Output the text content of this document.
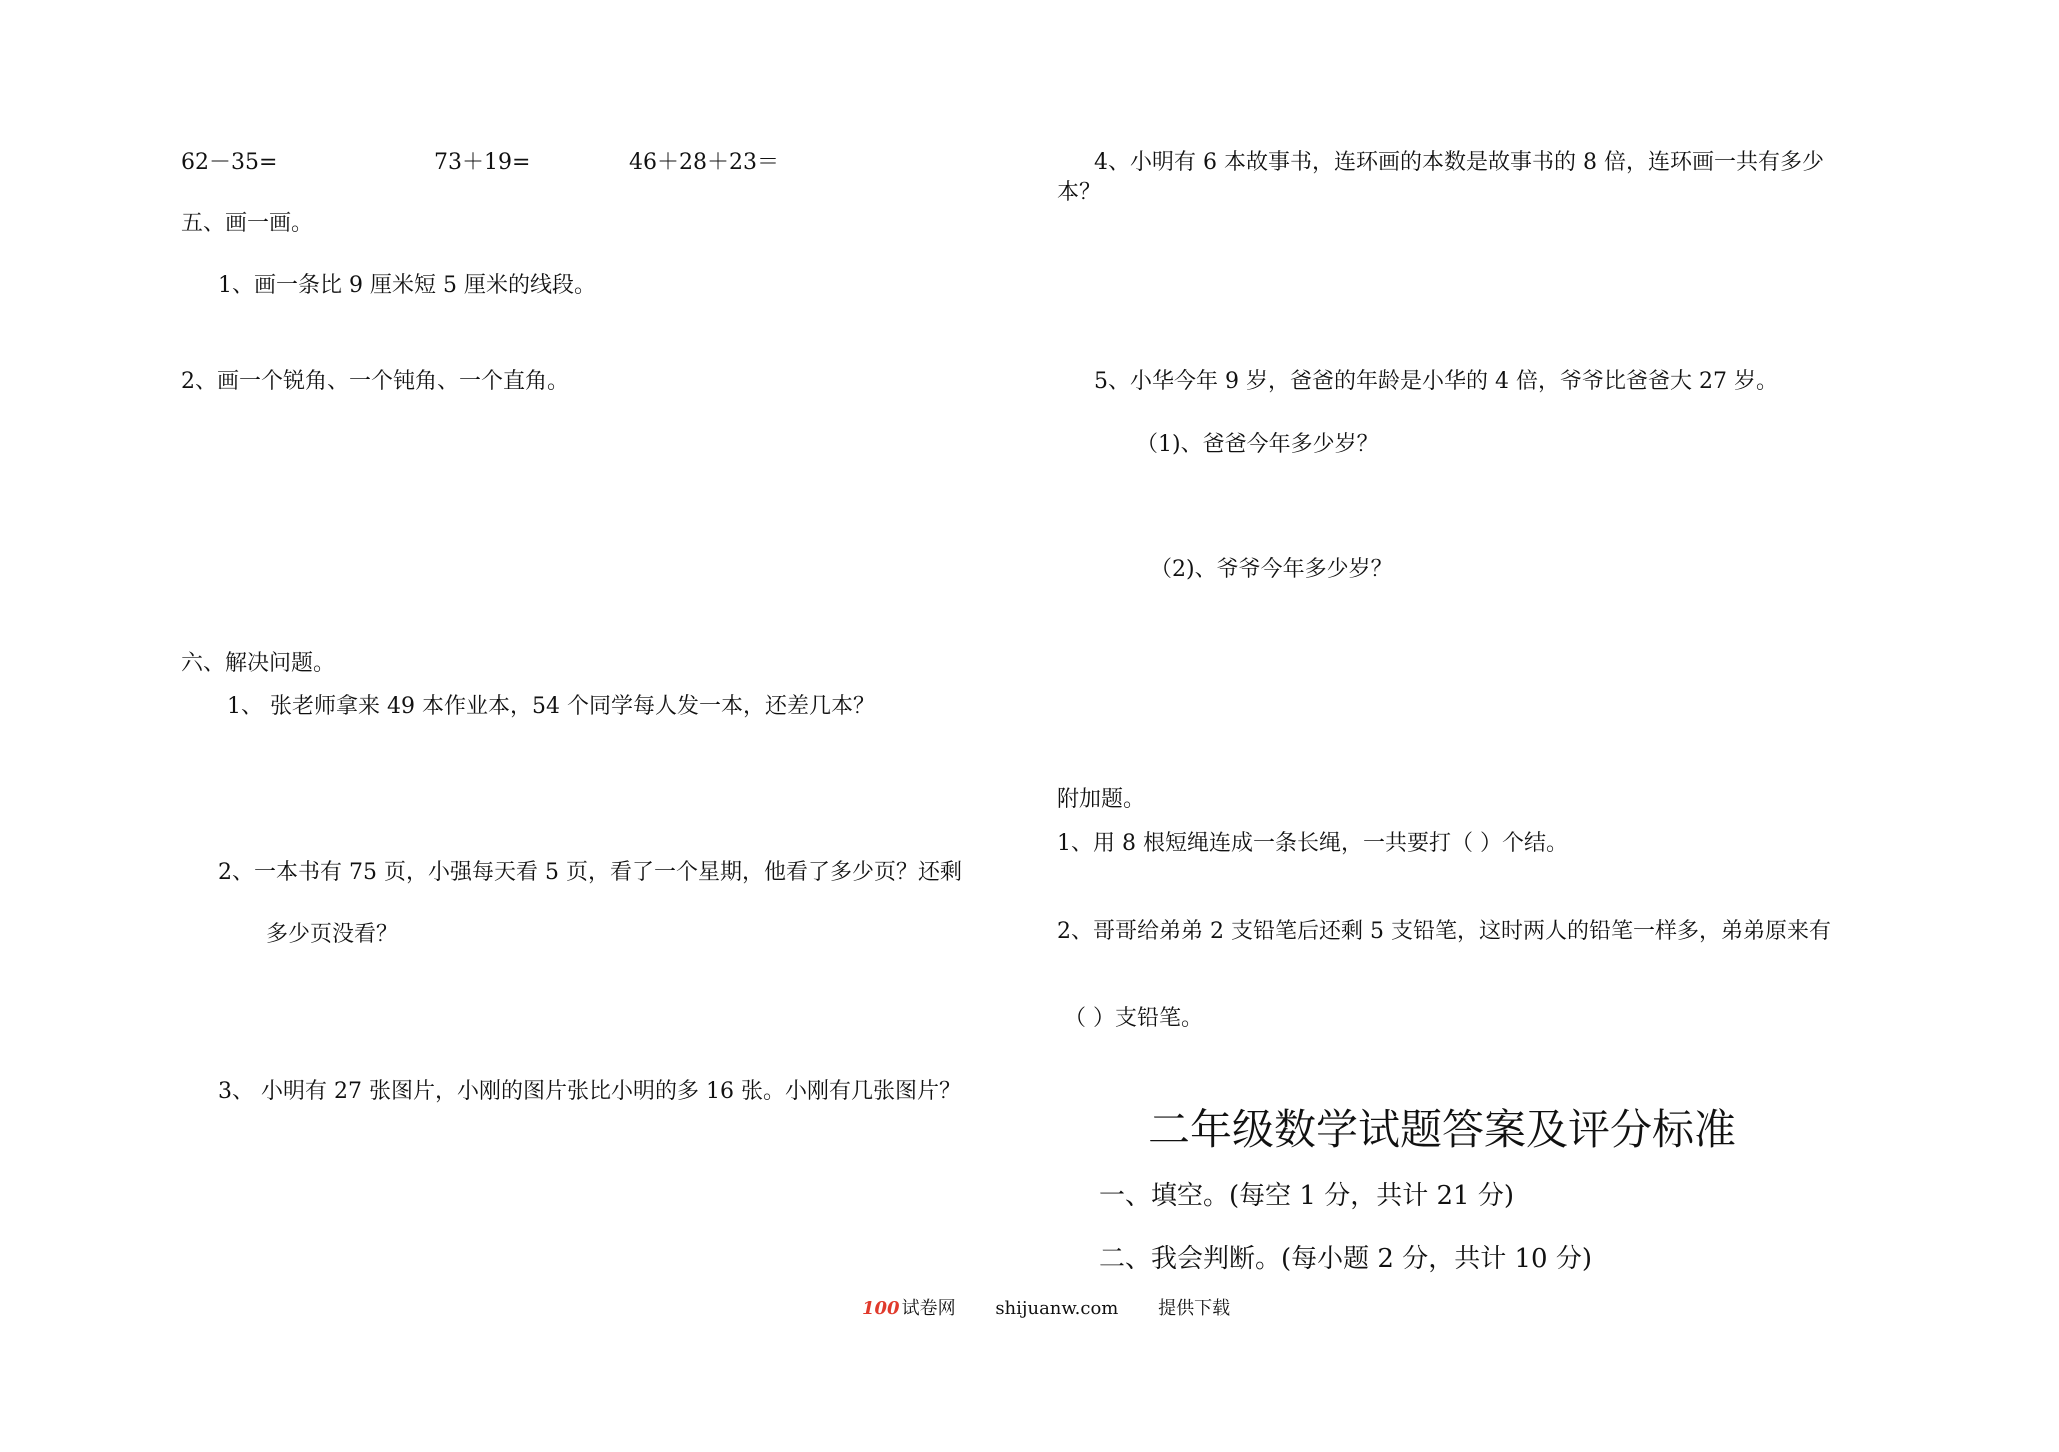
62－35=	73＋19=	46＋28＋23＝
五、画一画。
1、画一条比 9 厘米短 5 厘米的线段。
2、画一个锐角、一个钝角、一个直角。
六、解决问题。
1、 张老师拿来 49 本作业本，54 个同学每人发一本，还差几本？
2、一本书有 75 页，小强每天看 5 页，看了一个星期，他看了多少页？还剩
多少页没看？
3、 小明有 27 张图片，小刚的图片张比小明的多 16 张。小刚有几张图片？
4、小明有 6 本故事书，连环画的本数是故事书的 8 倍，连环画一共有多少
本？
5、小华今年 9 岁，爸爸的年龄是小华的 4 倍，爷爷比爸爸大 27 岁。
（1)、爸爸今年多少岁？
（2)、爷爷今年多少岁？
附加题。
1、用 8 根短绳连成一条长绳，一共要打（ ）个结。
2、哥哥给弟弟 2 支铅笔后还剩 5 支铅笔，这时两人的铅笔一样多，弟弟原来有
（ ）支铅笔。
二年级数学试题答案及评分标准
一、填空。(每空 1 分，共计 21 分)
二、我会判断。(每小题 2 分，共计 10 分)
100 试卷网 shijuanw.com 提供下载
